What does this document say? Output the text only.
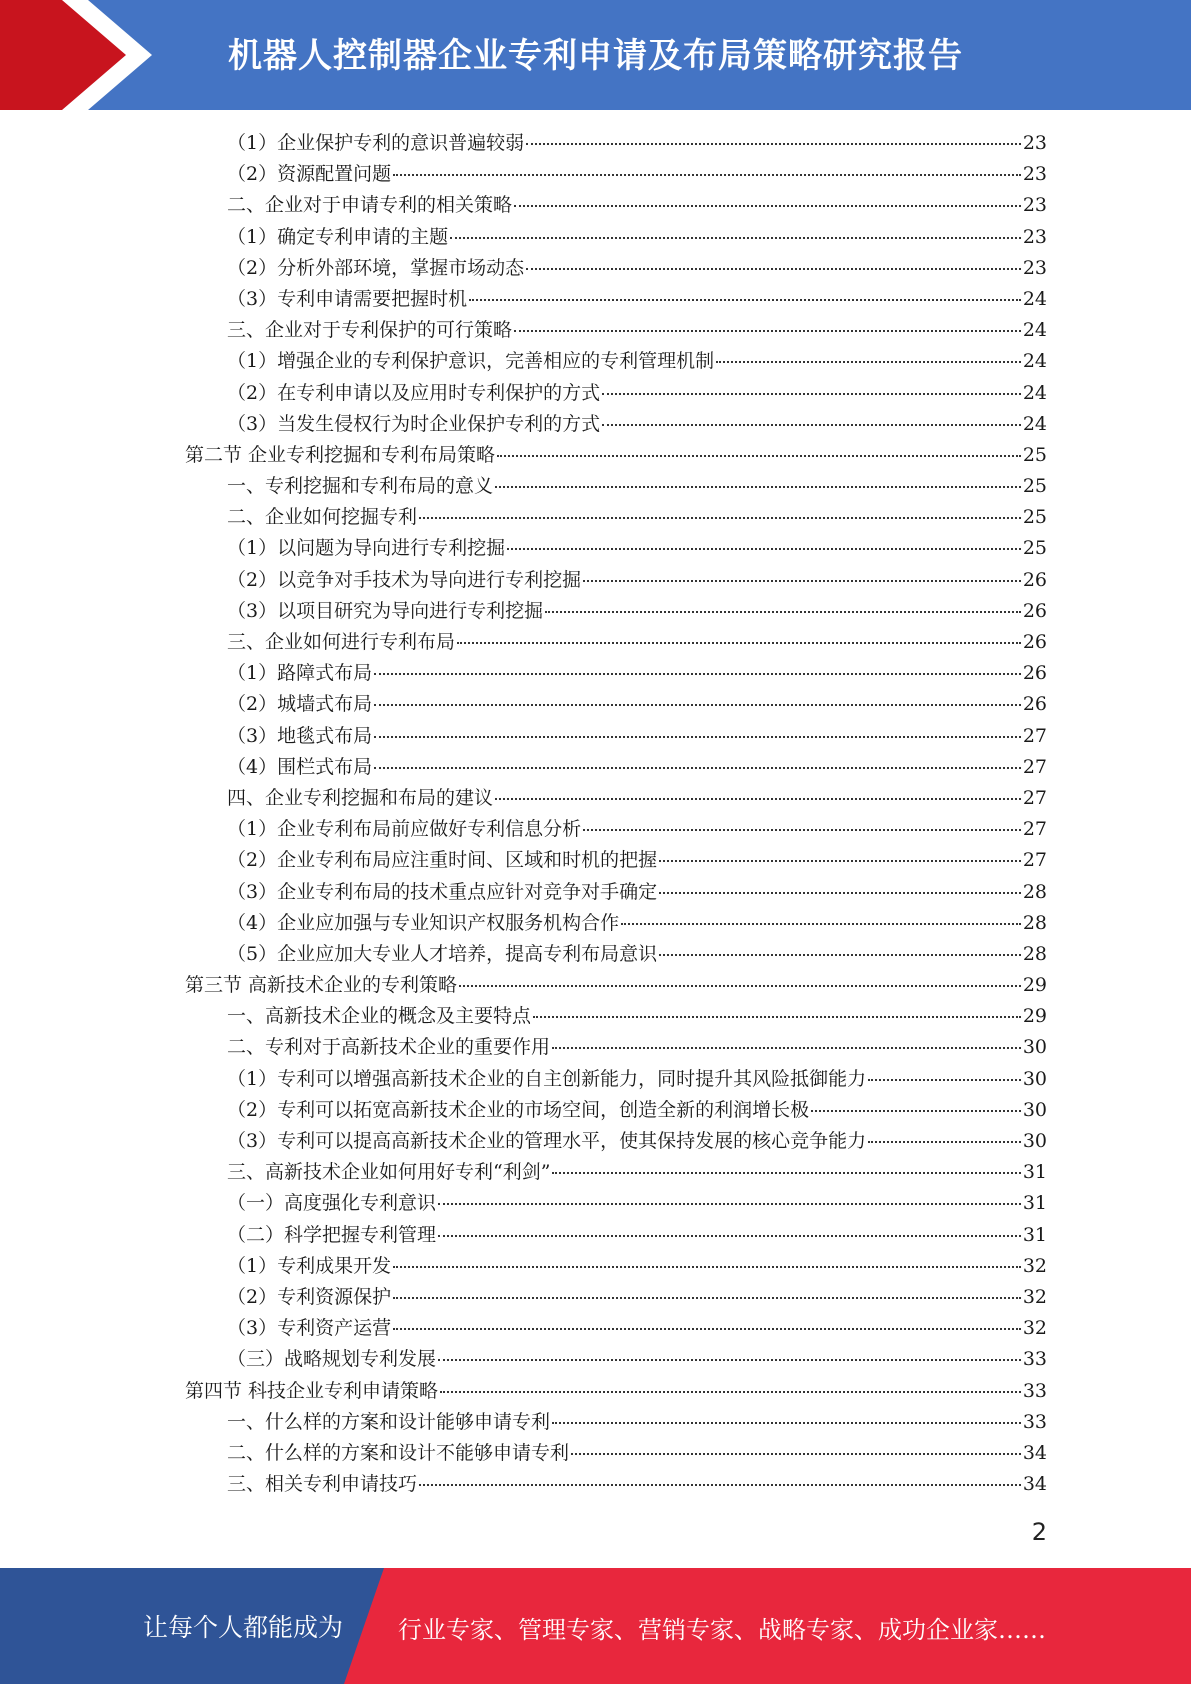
机器人控制器企业专利申请及布局策略研究报告
（1）企业保护专利的意识普遍较弱	23
（2）资源配置问题	23
二、企业对于申请专利的相关策略	23
（1）确定专利申请的主题	23
（2）分析外部环境，掌握市场动态	23
（3）专利申请需要把握时机	24
三、企业对于专利保护的可行策略	24
（1）增强企业的专利保护意识，完善相应的专利管理机制	24
（2）在专利申请以及应用时专利保护的方式	24
（3）当发生侵权行为时企业保护专利的方式	24
第二节 企业专利挖掘和专利布局策略	25
一、专利挖掘和专利布局的意义	25
二、企业如何挖掘专利	25
（1）以问题为导向进行专利挖掘	25
（2）以竞争对手技术为导向进行专利挖掘	26
（3）以项目研究为导向进行专利挖掘	26
三、企业如何进行专利布局	26
（1）路障式布局	26
（2）城墙式布局	26
（3）地毯式布局	27
（4）围栏式布局	27
四、企业专利挖掘和布局的建议	27
（1）企业专利布局前应做好专利信息分析	27
（2）企业专利布局应注重时间、区域和时机的把握	27
（3）企业专利布局的技术重点应针对竞争对手确定	28
（4）企业应加强与专业知识产权服务机构合作	28
（5）企业应加大专业人才培养，提高专利布局意识	28
第三节 高新技术企业的专利策略	29
一、高新技术企业的概念及主要特点	29
二、专利对于高新技术企业的重要作用	30
（1）专利可以增强高新技术企业的自主创新能力，同时提升其风险抵御能力	30
（2）专利可以拓宽高新技术企业的市场空间，创造全新的利润增长极	30
（3）专利可以提高高新技术企业的管理水平，使其保持发展的核心竞争能力	30
三、高新技术企业如何用好专利“利剑”	31
（一）高度强化专利意识	31
（二）科学把握专利管理	31
（1）专利成果开发	32
（2）专利资源保护	32
（3）专利资产运营	32
（三）战略规划专利发展	33
第四节 科技企业专利申请策略	33
一、什么样的方案和设计能够申请专利	33
二、什么样的方案和设计不能够申请专利	34
三、相关专利申请技巧	34
2
让每个人都能成为 行业专家、管理专家、营销专家、战略专家、成功企业家……
